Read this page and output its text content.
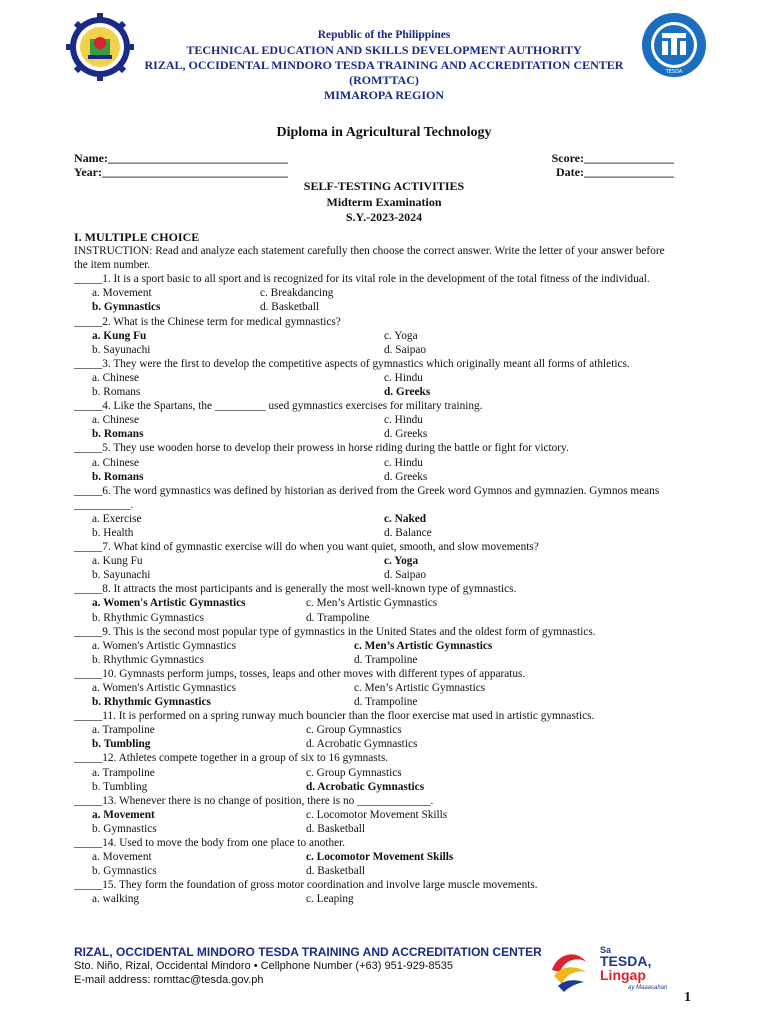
TESDA
Republic of the Philippines
TECHNICAL EDUCATION AND SKILLS DEVELOPMENT AUTHORITY
RIZAL, OCCIDENTAL MINDORO TESDA TRAINING AND ACCREDITATION CENTER
(ROMTTAC)
MIMAROPA REGION
Diploma in Agricultural Technology
Name:______________________________	Score:_______________
Year:_______________________________	Date:_______________
SELF-TESTING ACTIVITIES
Midterm Examination
S.Y.-2023-2024
I. MULTIPLE CHOICE
INSTRUCTION: Read and analyze each statement carefully then choose the correct answer. Write the letter of your answer before the item number.
_____1. It is a sport basic to all sport and is recognized for its vital role in the development of the total fitness of the individual.
a. Movement	c. Breakdancing
b. Gymnastics	d. Basketball
_____2. What is the Chinese term for medical gymnastics?
a. Kung Fu	c. Yoga
b. Sayunachi	d. Saipao
_____3. They were the first to develop the competitive aspects of gymnastics which originally meant all forms of athletics.
a. Chinese	c. Hindu
b. Romans	d. Greeks
_____4. Like the Spartans, the _________ used gymnastics exercises for military training.
a. Chinese	c. Hindu
b. Romans	d. Greeks
_____5. They use wooden horse to develop their prowess in horse riding during the battle or fight for victory.
a. Chinese	c. Hindu
b. Romans	d. Greeks
_____6. The word gymnastics was defined by historian as derived from the Greek word Gymnos and gymnazien. Gymnos means __________.
a. Exercise	c. Naked
b. Health	d. Balance
_____7. What kind of gymnastic exercise will do when you want quiet, smooth, and slow movements?
a. Kung Fu	c. Yoga
b. Sayunachi	d. Saipao
_____8. It attracts the most participants and is generally the most well-known type of gymnastics.
a. Women's Artistic Gymnastics	c. Men’s Artistic Gymnastics
b. Rhythmic Gymnastics	d. Trampoline
_____9. This is the second most popular type of gymnastics in the United States and the oldest form of gymnastics.
a. Women's Artistic Gymnastics	c. Men’s Artistic Gymnastics
b. Rhythmic Gymnastics	d. Trampoline
_____10. Gymnasts perform jumps, tosses, leaps and other moves with different types of apparatus.
a. Women's Artistic Gymnastics	c. Men’s Artistic Gymnastics
b. Rhythmic Gymnastics	d. Trampoline
_____11. It is performed on a spring runway much bouncier than the floor exercise mat used in artistic gymnastics.
a. Trampoline	c. Group Gymnastics
b. Tumbling	d. Acrobatic Gymnastics
_____12. Athletes compete together in a group of six to 16 gymnasts.
a. Trampoline	c. Group Gymnastics
b. Tumbling	d. Acrobatic Gymnastics
_____13. Whenever there is no change of position, there is no _____________.
a. Movement	c. Locomotor Movement Skills
b. Gymnastics	d. Basketball
_____14. Used to move the body from one place to another.
a. Movement	c. Locomotor Movement Skills
b. Gymnastics	d. Basketball
_____15. They form the foundation of gross motor coordination and involve large muscle movements.
a. walking	c. Leaping
RIZAL, OCCIDENTAL MINDORO TESDA TRAINING AND ACCREDITATION CENTER
Sto. Niño, Rizal, Occidental Mindoro • Cellphone Number (+63) 951-929-8535
E-mail address: romttac@tesda.gov.ph
Sa
TESDA,
Lingap
ay Maaasahan
1
